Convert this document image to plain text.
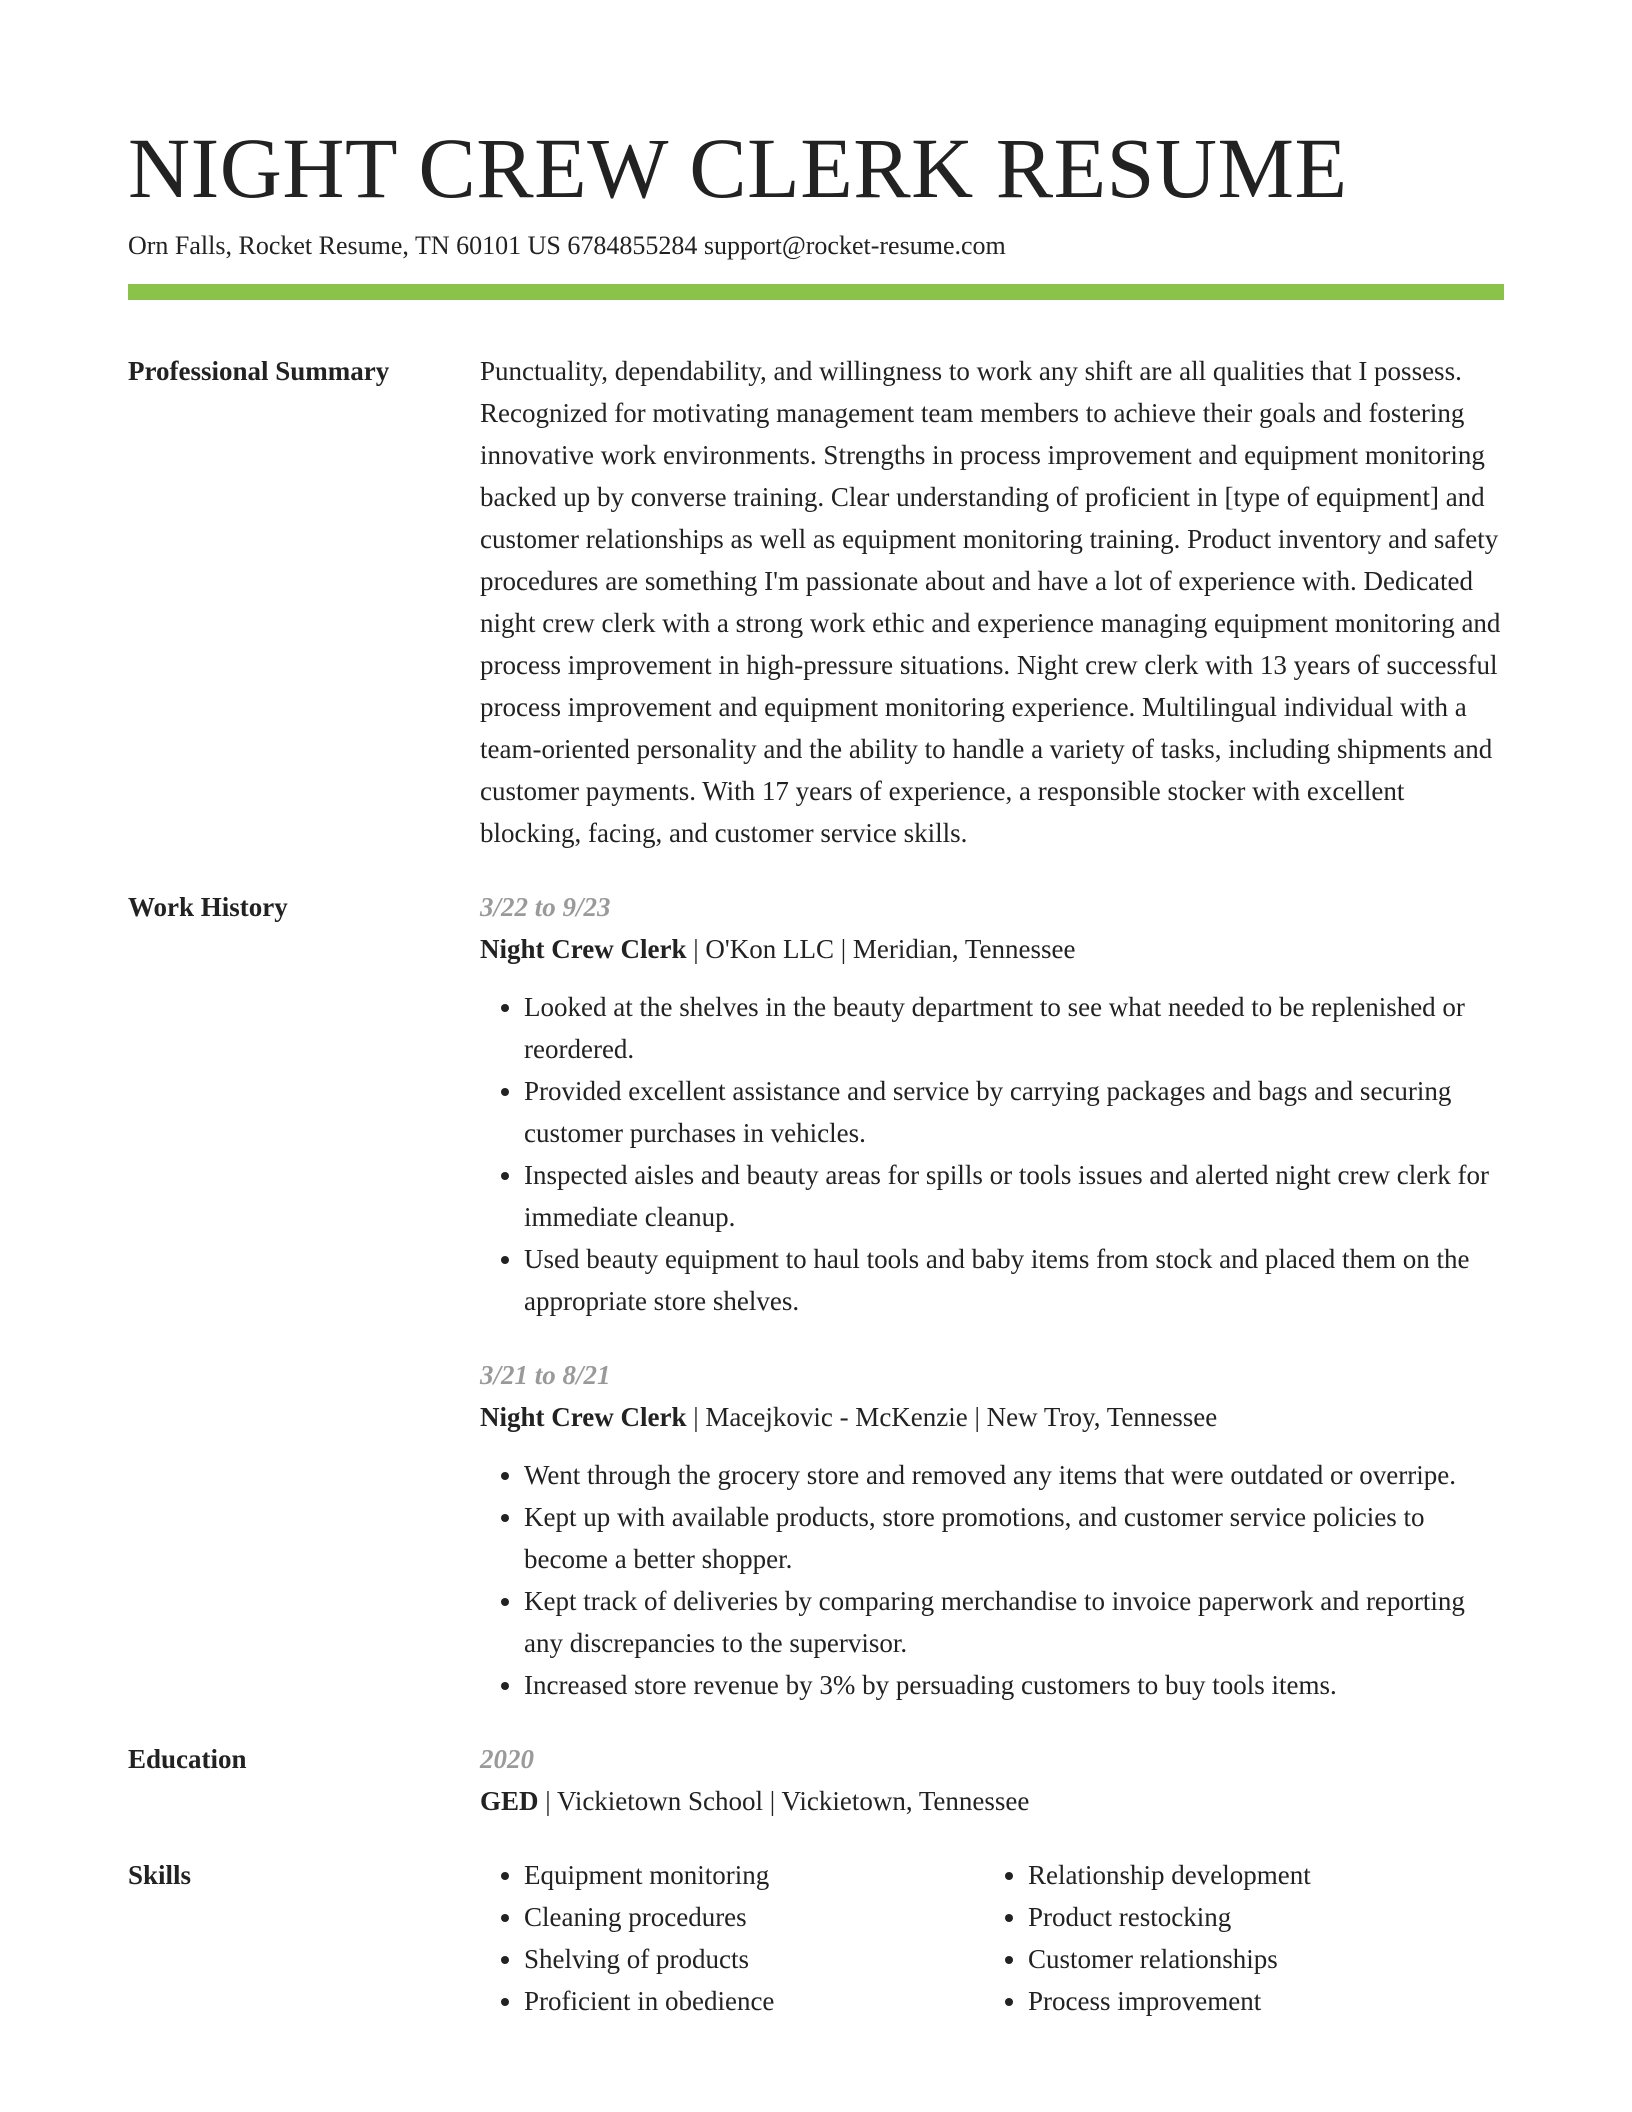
NIGHT CREW CLERK RESUME
Orn Falls, Rocket Resume, TN 60101 US 6784855284 support@rocket-resume.com
Professional Summary	Punctuality, dependability, and willingness to work any shift are all qualities that I possess. Recognized for motivating management team members to achieve their goals and fostering innovative work environments. Strengths in process improvement and equipment monitoring backed up by converse training. Clear understanding of proficient in [type of equipment] and customer relationships as well as equipment monitoring training. Product inventory and safety procedures are something I'm passionate about and have a lot of experience with. Dedicated night crew clerk with a strong work ethic and experience managing equipment monitoring and process improvement in high-pressure situations. Night crew clerk with 13 years of successful process improvement and equipment monitoring experience. Multilingual individual with a team-oriented personality and the ability to handle a variety of tasks, including shipments and customer payments. With 17 years of experience, a responsible stocker with excellent blocking, facing, and customer service skills.

Work History	3/22 to 9/23
Night Crew Clerk | O'Kon LLC | Meridian, Tennessee
• Looked at the shelves in the beauty department to see what needed to be replenished or reordered.
• Provided excellent assistance and service by carrying packages and bags and securing customer purchases in vehicles.
• Inspected aisles and beauty areas for spills or tools issues and alerted night crew clerk for immediate cleanup.
• Used beauty equipment to haul tools and baby items from stock and placed them on the appropriate store shelves.
3/21 to 8/21
Night Crew Clerk | Macejkovic - McKenzie | New Troy, Tennessee
• Went through the grocery store and removed any items that were outdated or overripe.
• Kept up with available products, store promotions, and customer service policies to become a better shopper.
• Kept track of deliveries by comparing merchandise to invoice paperwork and reporting any discrepancies to the supervisor.
• Increased store revenue by 3% by persuading customers to buy tools items.
Education	2020
GED | Vickietown School | Vickietown, Tennessee
Skills
•	Equipment monitoring
• Cleaning procedures
• Shelving of products
• Proficient in obedience
• Relationship development
• Product restocking
• Customer relationships
• Process improvement
